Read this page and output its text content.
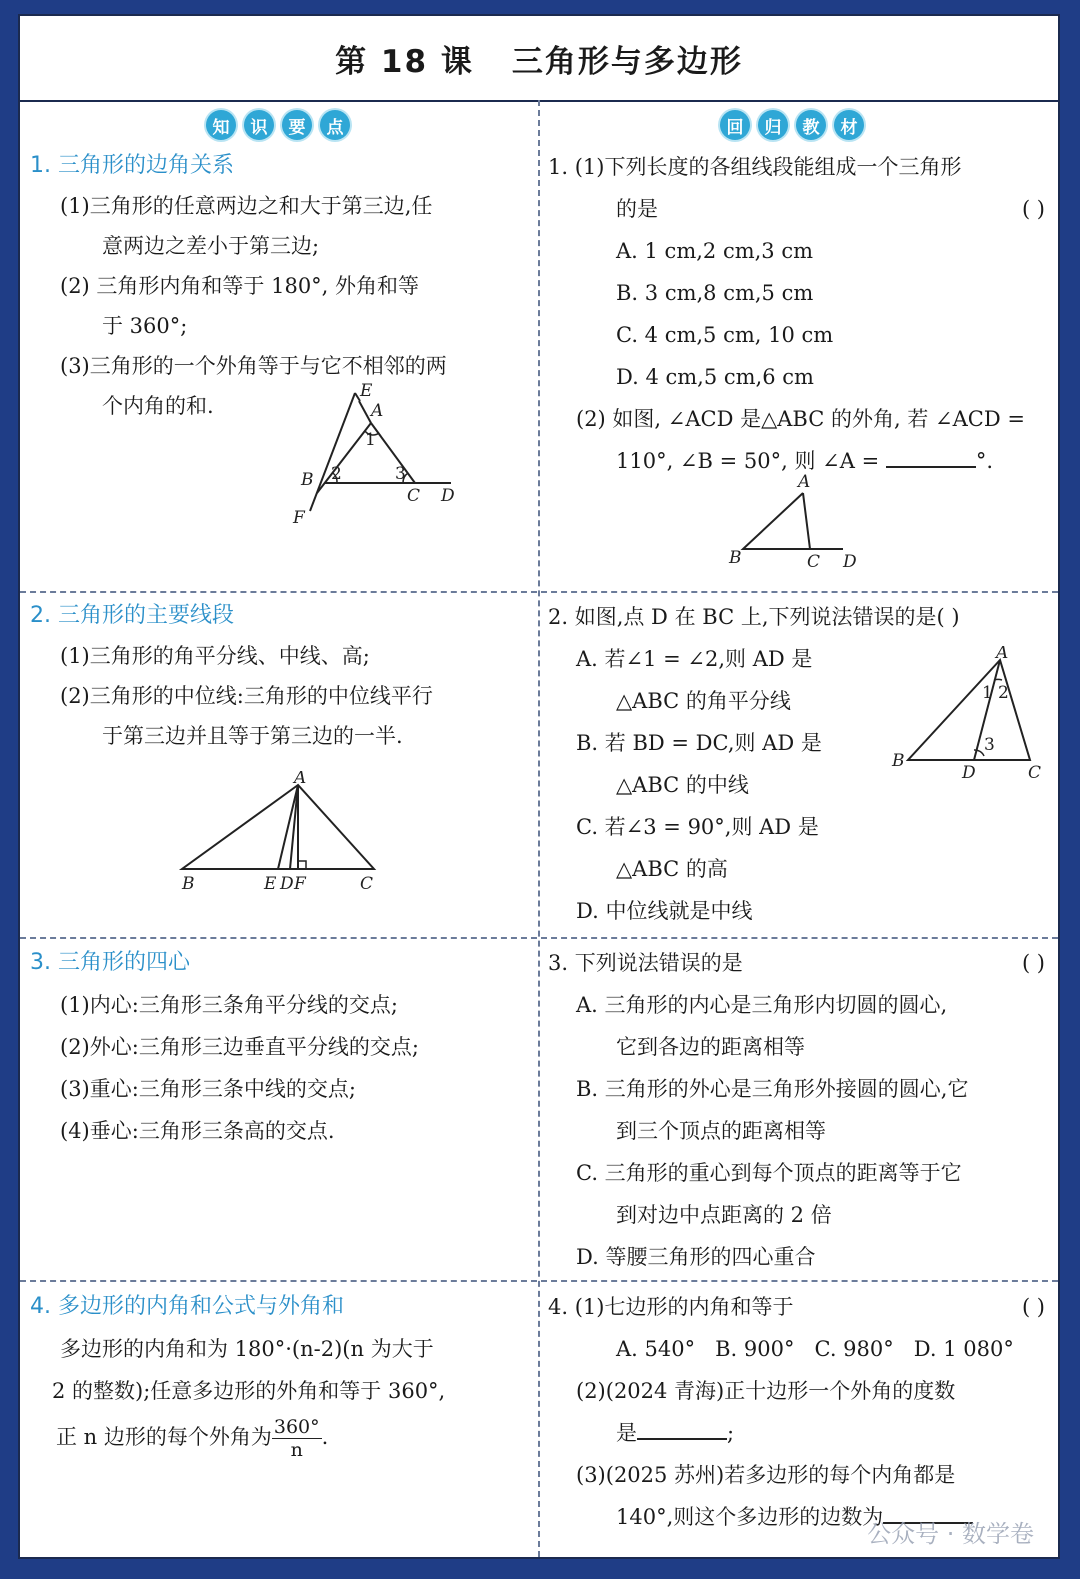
第 18 课 三角形与多边形
知	识	要	点	回	归	教	材
1. 三角形的边角关系
(1)三角形的任意两边之和大于第三边,任
意两边之差小于第三边;
(2) 三角形内角和等于 180°, 外角和等
于 360°;
(3)三角形的一个外角等于与它不相邻的两
个内角的和.
E
A
1
B 2	3
C D
F
1. (1)下列长度的各组线段能组成一个三角形
的是	( )
A. 1 cm,2 cm,3 cm
B. 3 cm,8 cm,5 cm
C. 4 cm,5 cm, 10 cm
D. 4 cm,5 cm,6 cm
(2) 如图, ∠ACD 是△ABC 的外角, 若 ∠ACD =
110°, ∠B = 50°, 则 ∠A =	°.
A
B	C D
2. 三角形的主要线段
(1)三角形的角平分线、中线、高;
(2)三角形的中位线:三角形的中位线平行
于第三边并且等于第三边的一半.
A
B	E D F	C
2. 如图,点 D 在 BC 上,下列说法错误的是( )
A. 若∠1 = ∠2,则 AD 是
△ABC 的角平分线
B. 若 BD = DC,则 AD 是
△ABC 的中线
C. 若∠3 = 90°,则 AD 是
△ABC 的高
D. 中位线就是中线
A
1 2
3
B
D	C
3. 三角形的四心
(1)内心:三角形三条角平分线的交点;
(2)外心:三角形三边垂直平分线的交点;
(3)重心:三角形三条中线的交点;
(4)垂心:三角形三条高的交点.
3. 下列说法错误的是	( )
A. 三角形的内心是三角形内切圆的圆心,
它到各边的距离相等
B. 三角形的外心是三角形外接圆的圆心,它
到三个顶点的距离相等
C. 三角形的重心到每个顶点的距离等于它
到对边中点距离的 2 倍
D. 等腰三角形的四心重合
4. 多边形的内角和公式与外角和
多边形的内角和为 180°·(n-2)(n 为大于
2 的整数);任意多边形的外角和等于 360°,
正 n 边形的每个外角为 $\frac{360^\circ}{n}$ .
4. (1)七边形的内角和等于	( )
A. 540°   B. 900°   C. 980°   D. 1 080°
(2)(2024 青海)正十边形一个外角的度数
是	;
(3)(2025 苏州)若多边形的每个内角都是
140°,则这个多边形的边数为
公众号 · 数学卷
